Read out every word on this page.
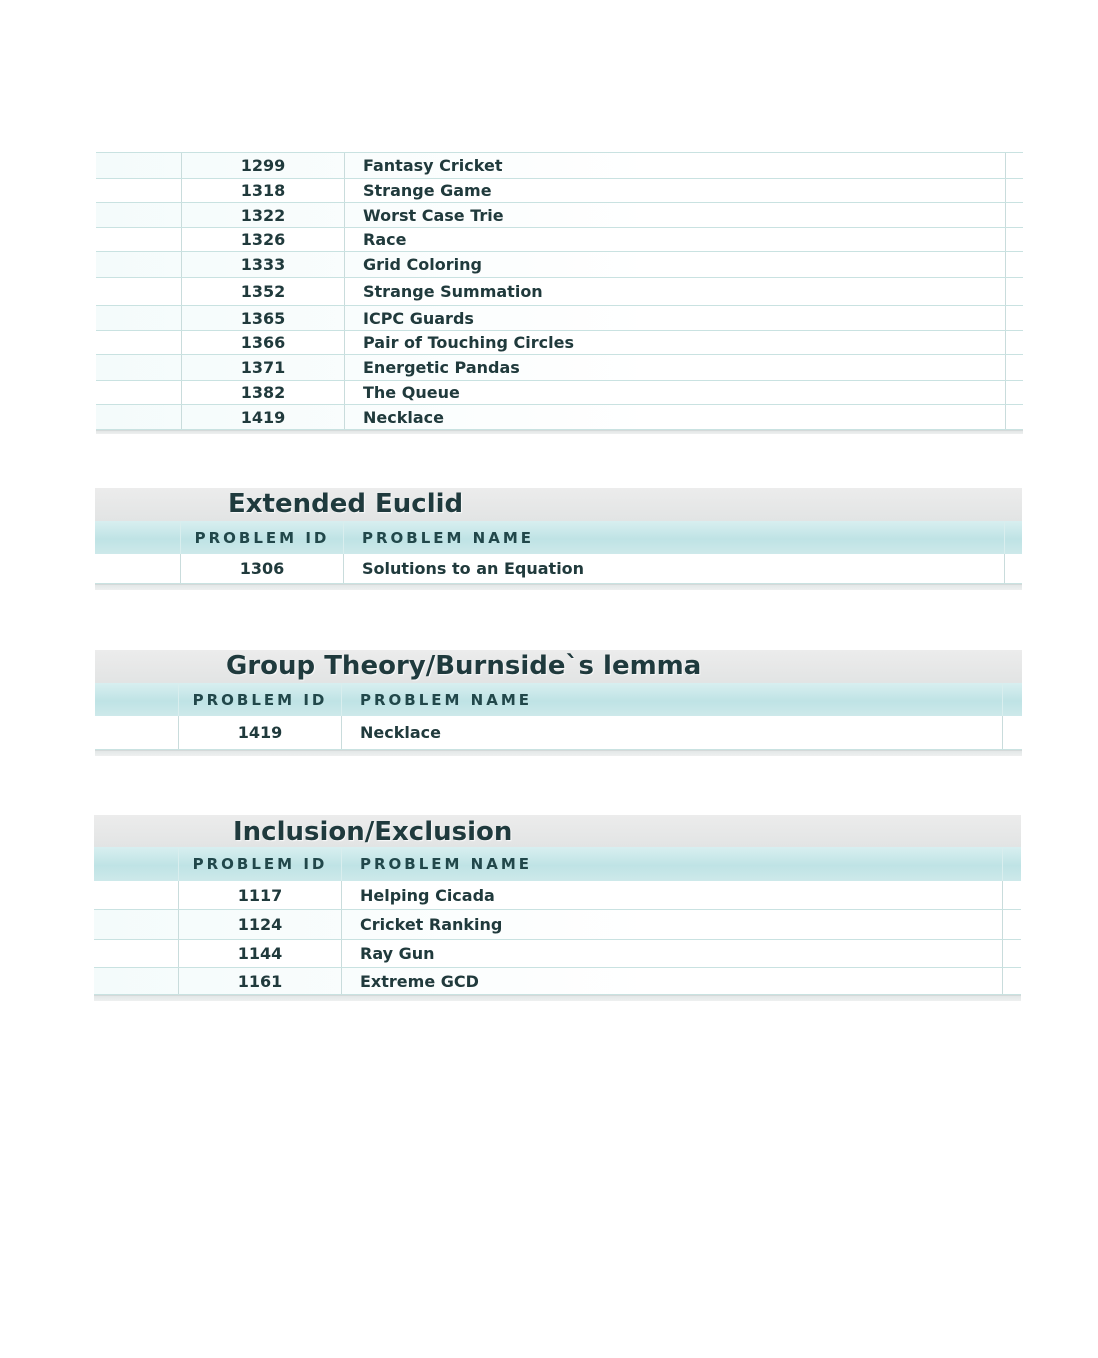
1299	Fantasy Cricket
1318	Strange Game
1322	Worst Case Trie
1326	Race
1333	Grid Coloring
1352	Strange Summation
1365	ICPC Guards
1366	Pair of Touching Circles
1371	Energetic Pandas
1382	The Queue
1419	Necklace
Extended Euclid
PROBLEM ID	PROBLEM NAME
1306	Solutions to an Equation
Group Theory/Burnside`s lemma
PROBLEM ID	PROBLEM NAME
1419	Necklace
Inclusion/Exclusion
PROBLEM ID	PROBLEM NAME
1117	Helping Cicada
1124	Cricket Ranking
1144	Ray Gun
1161	Extreme GCD
